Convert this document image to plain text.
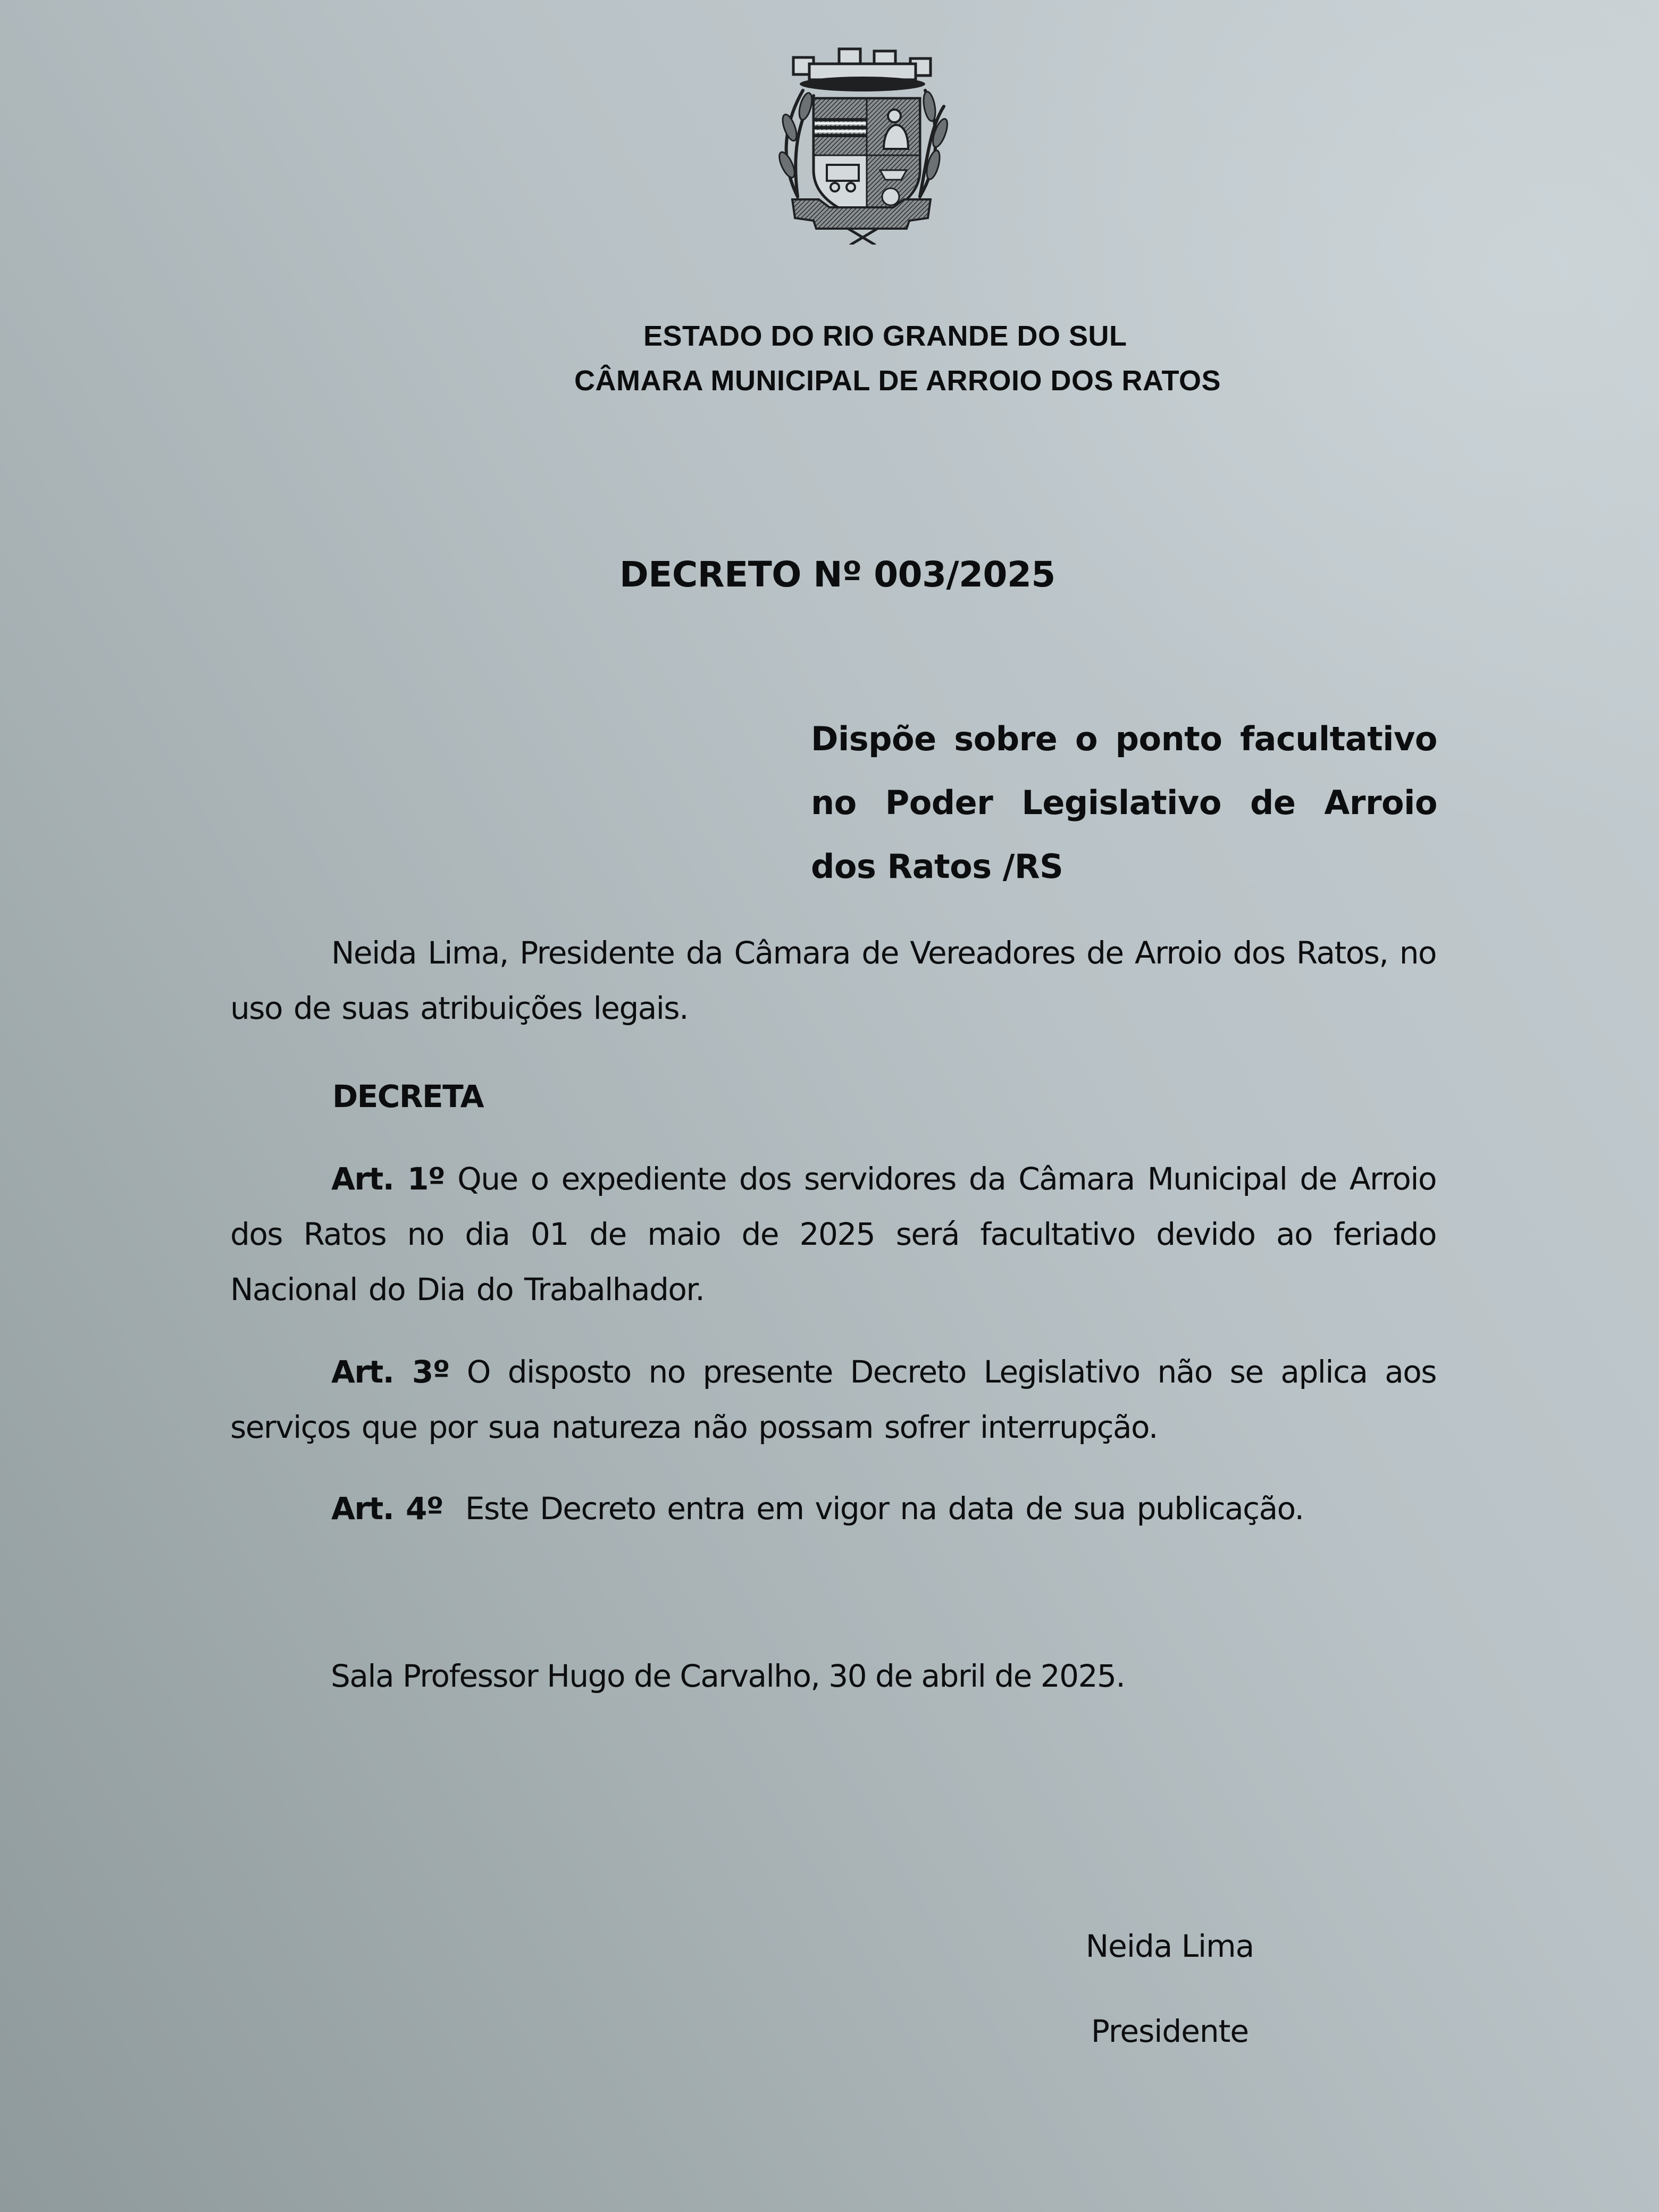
ESTADO DO RIO GRANDE DO SUL
CÂMARA MUNICIPAL DE ARROIO DOS RATOS
DECRETO Nº 003/2025
Dispõe sobre o ponto facultativo no Poder Legislativo de Arroio dos Ratos /RS

Neida Lima, Presidente da Câmara de Vereadores de Arroio dos Ratos, no uso de suas atribuições legais.

DECRETA

Art. 1º Que o expediente dos servidores da Câmara Municipal de Arroio dos Ratos no dia 01 de maio de 2025 será facultativo devido ao feriado Nacional do Dia do Trabalhador.

Art. 3º O disposto no presente Decreto Legislativo não se aplica aos serviços que por sua natureza não possam sofrer interrupção.

Art. 4º Este Decreto entra em vigor na data de sua publicação.

Sala Professor Hugo de Carvalho, 30 de abril de 2025.
Neida Lima
Presidente
